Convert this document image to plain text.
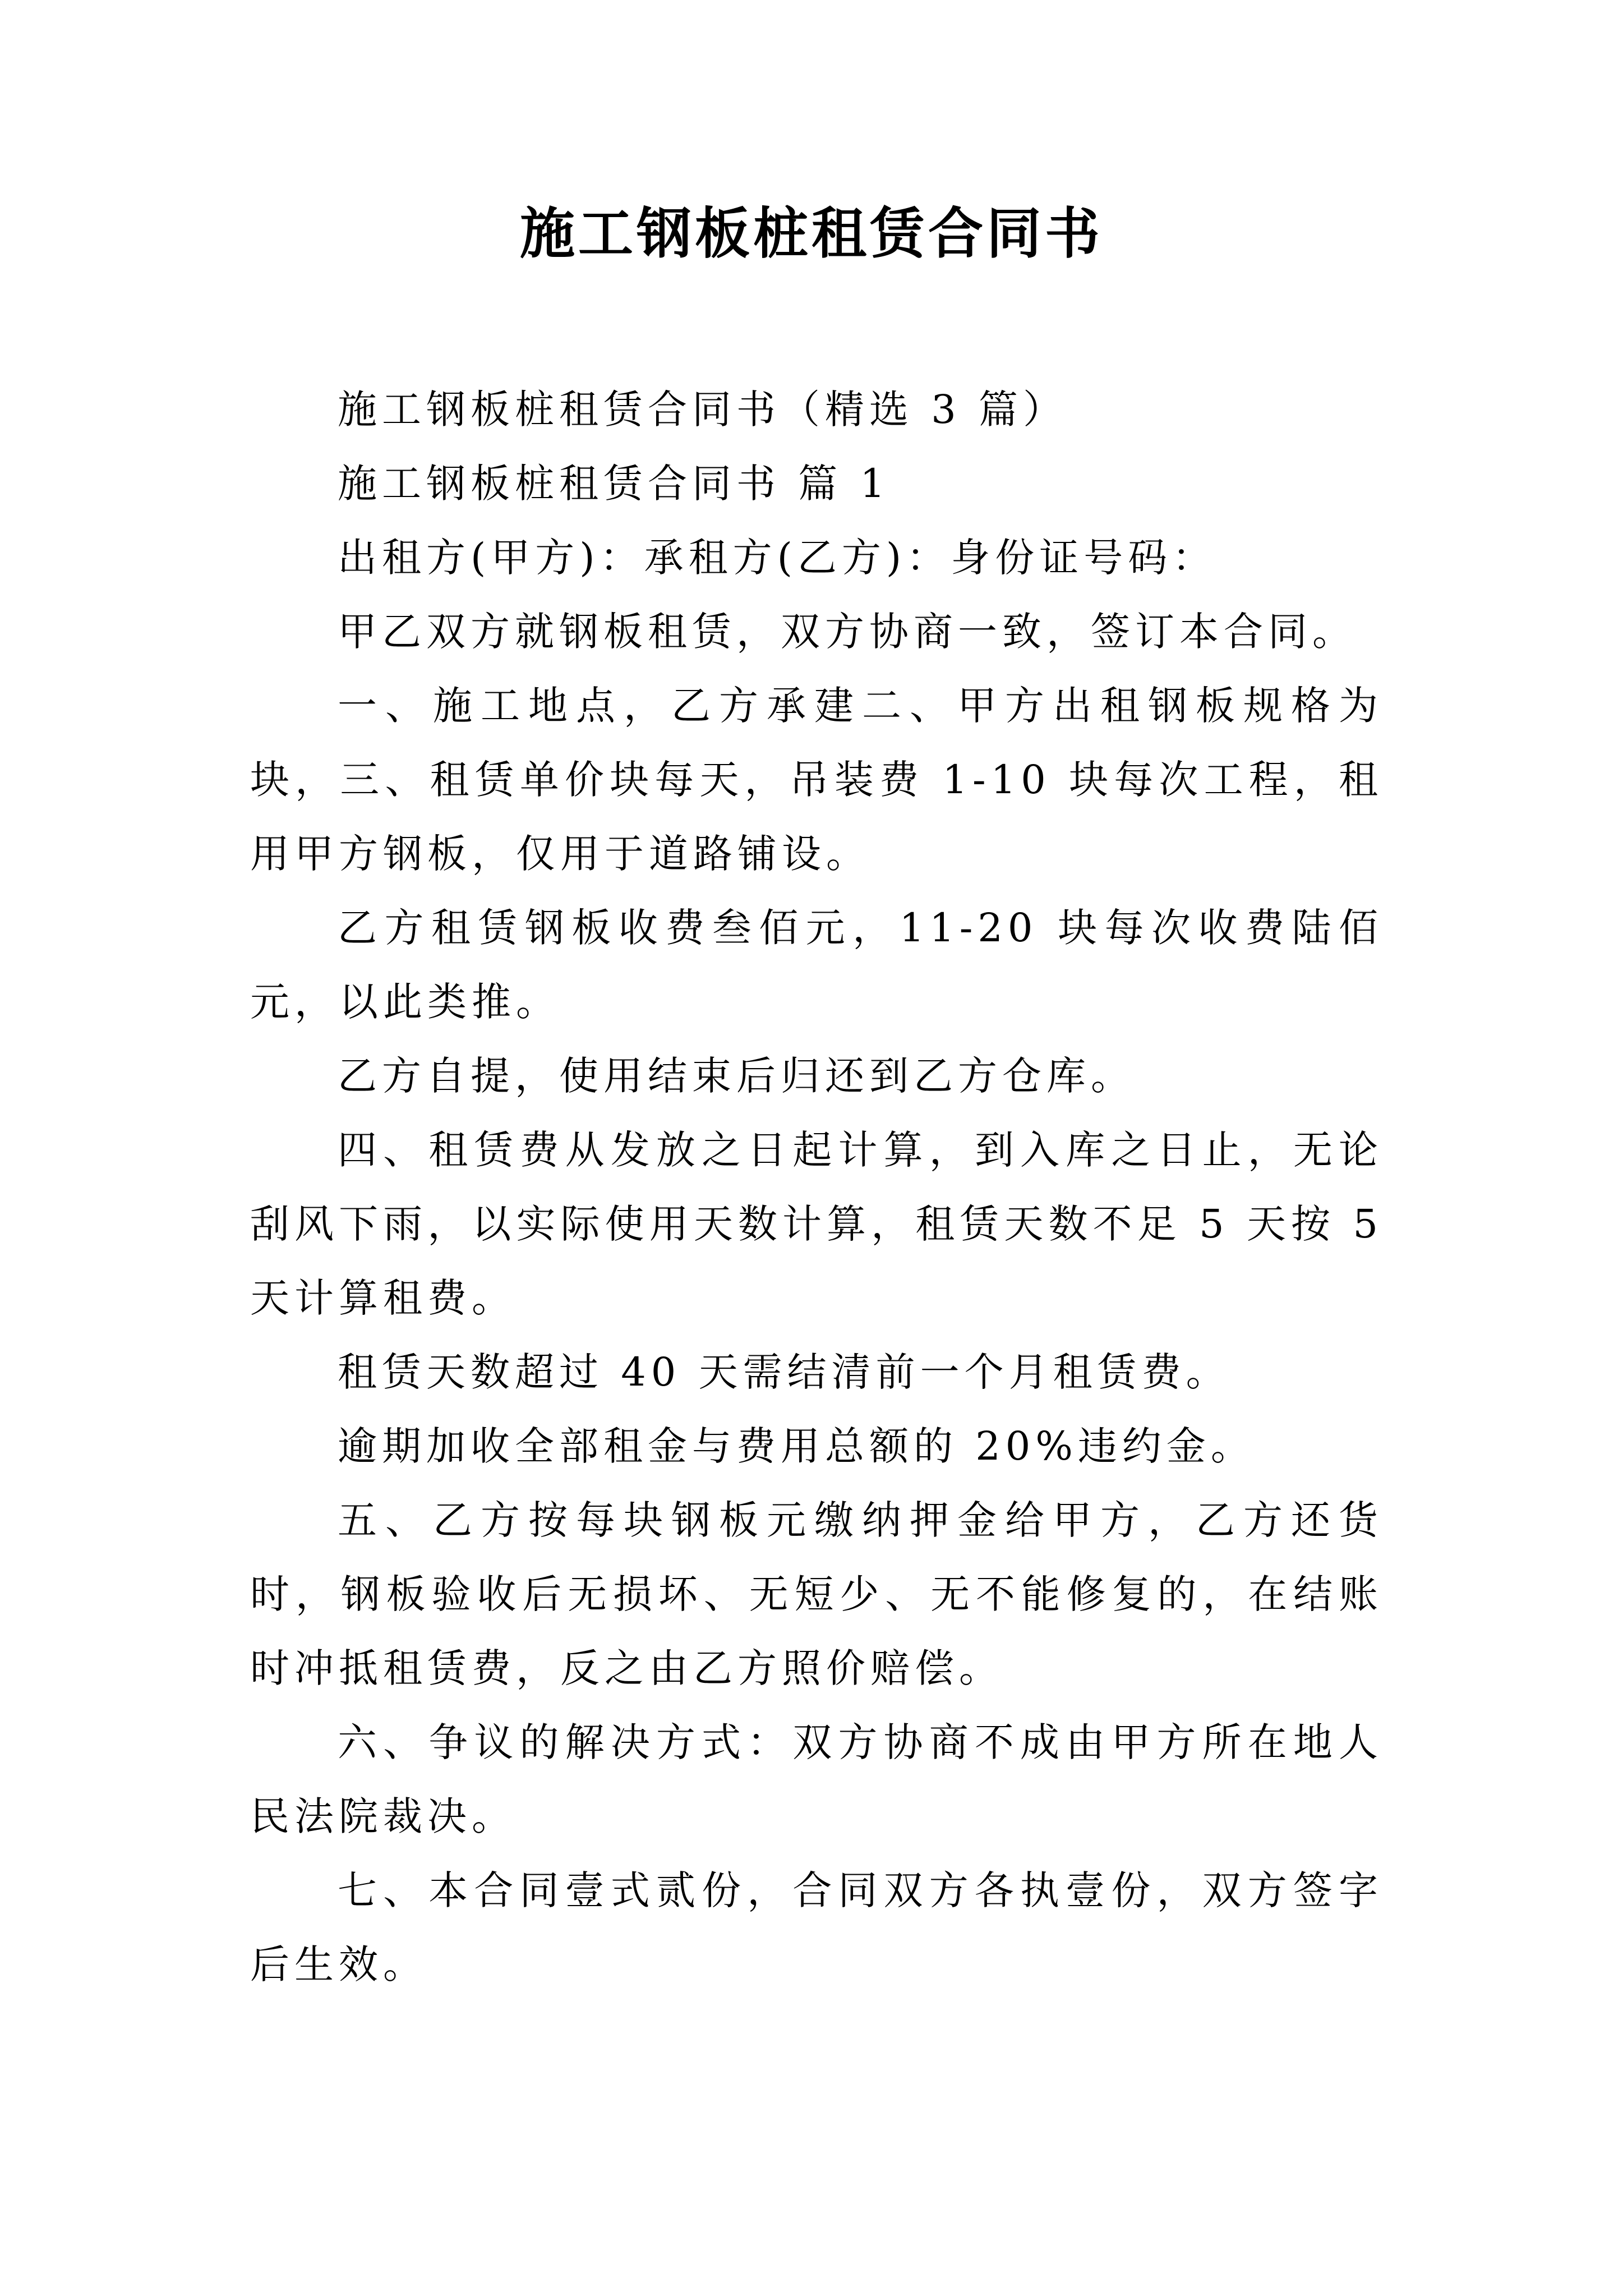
施工钢板桩租赁合同书

施工钢板桩租赁合同书（精选 3 篇）

施工钢板桩租赁合同书 篇 1

出租方(甲方)：承租方(乙方)：身份证号码：

甲乙双方就钢板租赁，双方协商一致，签订本合同。

一、施工地点，乙方承建二、甲方出租钢板规格为块，三、租赁单价块每天，吊装费 1-10 块每次工程，租用甲方钢板，仅用于道路铺设。

乙方租赁钢板收费叁佰元，11-20 块每次收费陆佰元，以此类推。

乙方自提，使用结束后归还到乙方仓库。

四、租赁费从发放之日起计算，到入库之日止，无论刮风下雨，以实际使用天数计算，租赁天数不足 5 天按 5 天计算租费。

租赁天数超过 40 天需结清前一个月租赁费。

逾期加收全部租金与费用总额的 20%违约金。

五、乙方按每块钢板元缴纳押金给甲方，乙方还货时，钢板验收后无损坏、无短少、无不能修复的，在结账时冲抵租赁费，反之由乙方照价赔偿。

六、争议的解决方式：双方协商不成由甲方所在地人民法院裁决。

七、本合同壹式贰份，合同双方各执壹份，双方签字后生效。
